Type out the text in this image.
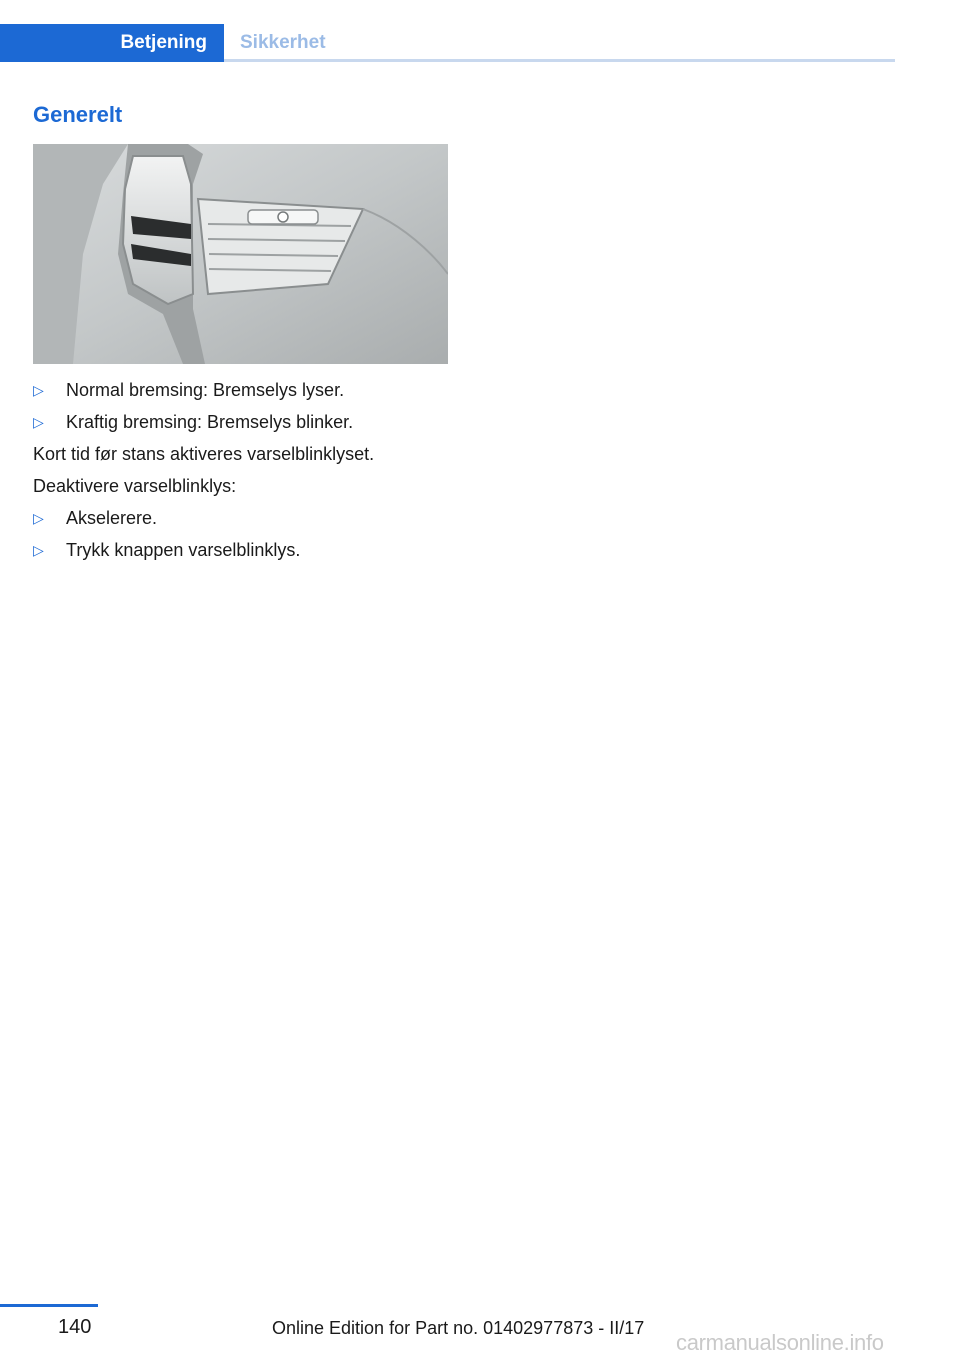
Betjening	Sikkerhet
Generelt
▷ Normal bremsing: Bremselys lyser.
▷ Kraftig bremsing: Bremselys blinker.
Kort tid før stans aktiveres varselblinklyset.
Deaktivere varselblinklys:
▷ Akselerere.
▷ Trykk knappen varselblinklys.
140	Online Edition for Part no. 01402977873 - II/17
carmanualsonline.info
